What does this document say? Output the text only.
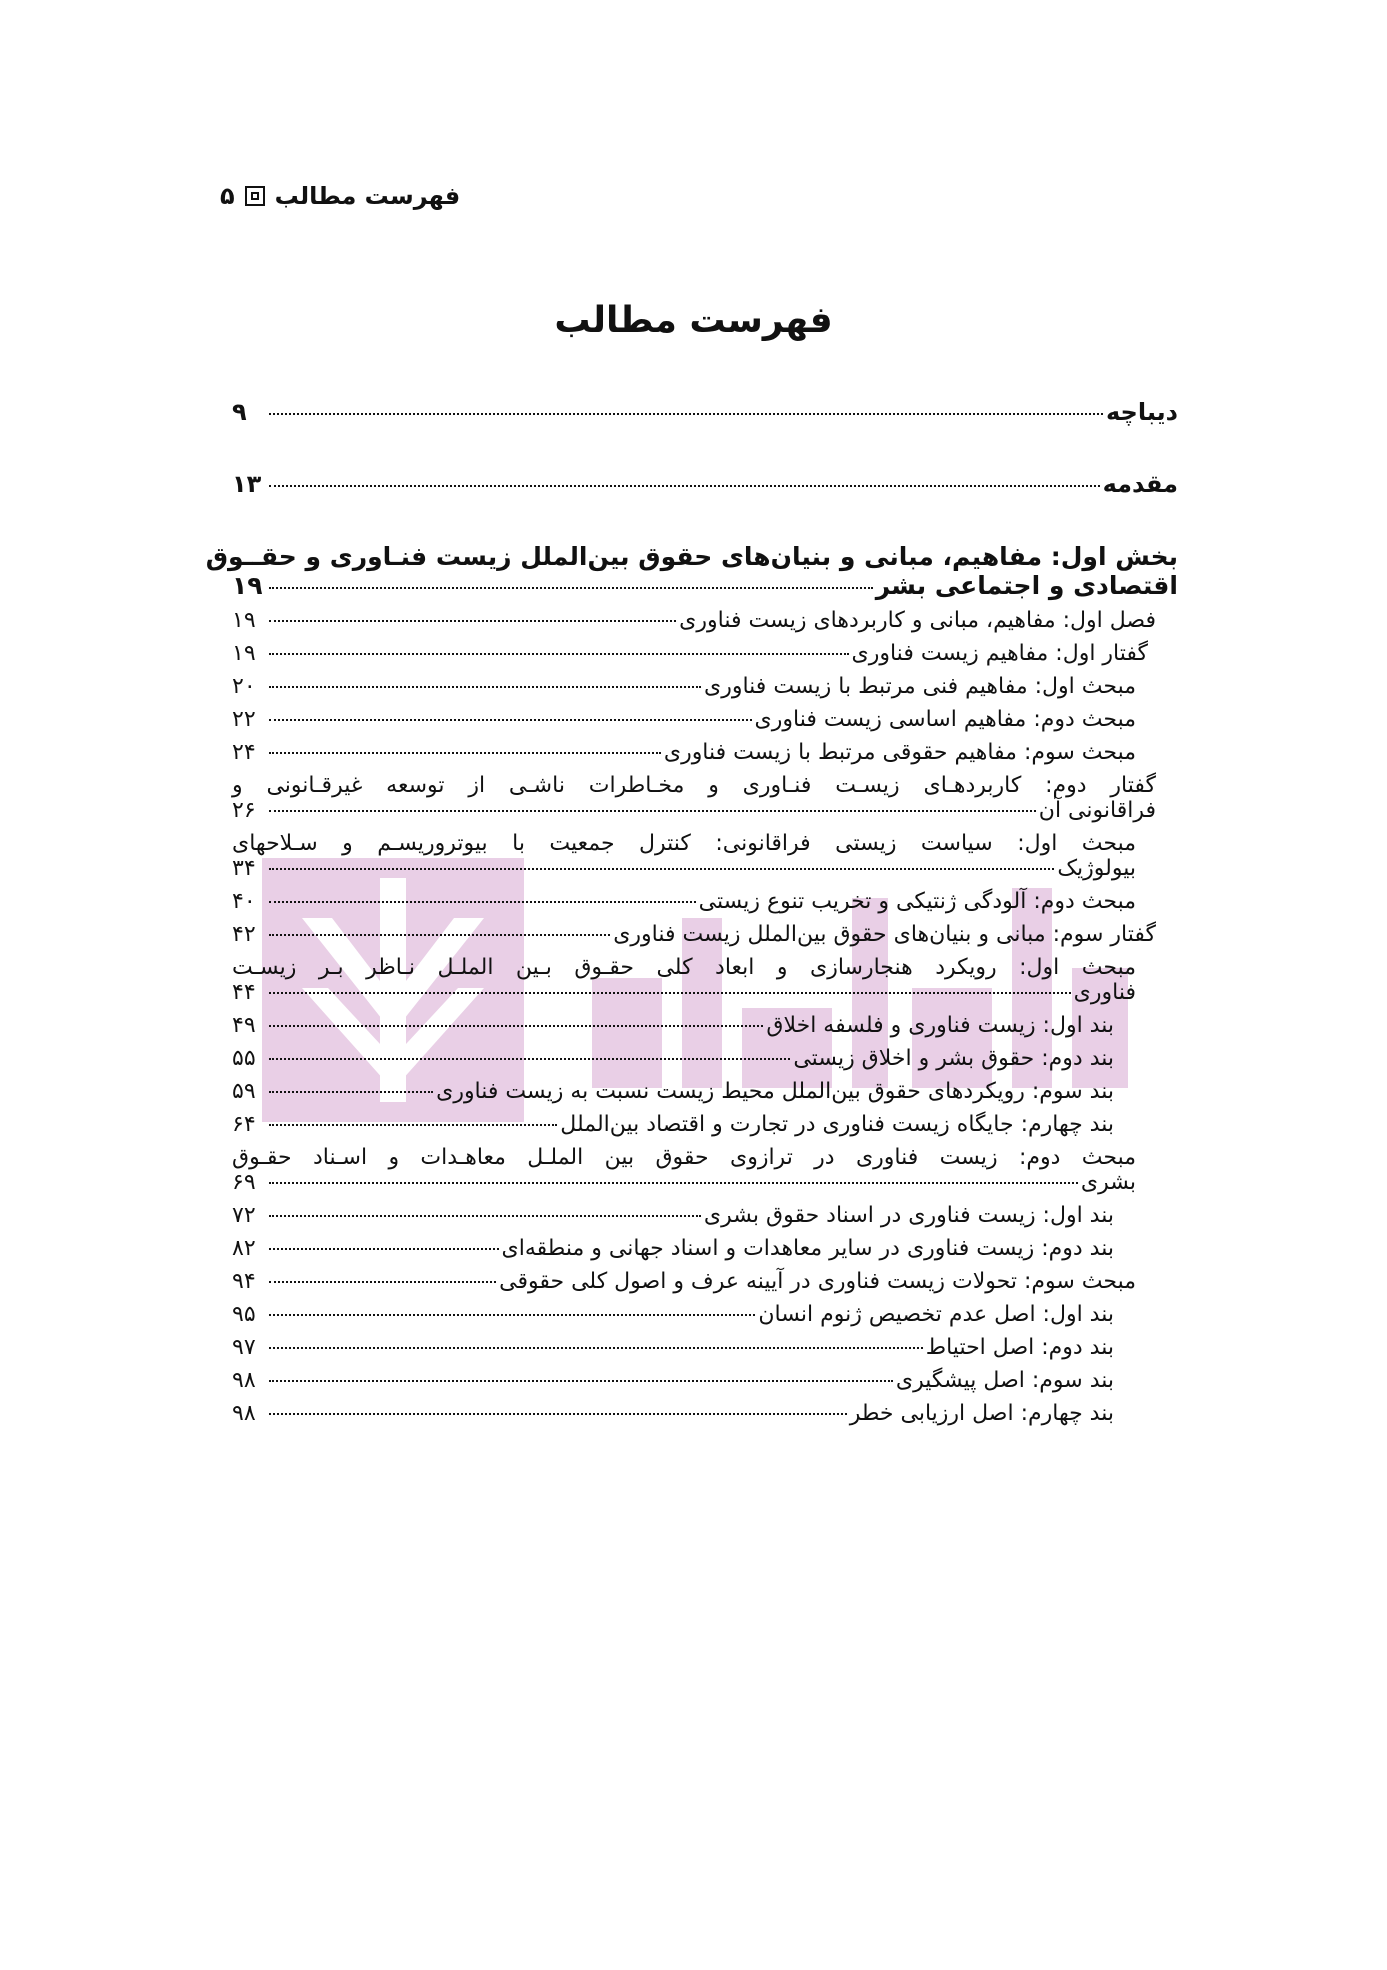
فهرست مطالب
۵
فهرست مطالب
دیباچه
۹
مقدمه
۱۳
بخش اول: مفاهیم، مبانی و بنیان‌های حقوق بین‌الملل زیست فنـاوری و حقــوق
اقتصادی و اجتماعی بشر
۱۹
فصل اول: مفاهیم، مبانی و کاربردهای زیست فناوری
۱۹
گفتار اول: مفاهیم زیست فناوری
۱۹
مبحث اول: مفاهیم فنی مرتبط با زیست فناوری
۲۰
مبحث دوم: مفاهیم اساسی زیست فناوری
۲۲
مبحث سوم: مفاهیم حقوقی مرتبط با زیست فناوری
۲۴
گفتار دوم: کاربردهـای زیسـت فنـاوری و مخـاطرات ناشـی از توسعه غیرقـانونی و
فراقانونی آن
۲۶
مبحث اول: سیاست زیستی فراقانونی: کنترل جمعیت با بیوتروریسـم و سـلاحهای
بیولوژیک
۳۴
مبحث دوم: آلودگی ژنتیکی و تخریب تنوع زیستی
۴۰
گفتار سوم: مبانی و بنیان‌های حقوق بین‌الملل زیست فناوری
۴۲
مبحث اول: رویکرد هنجارسازی و ابعاد کلی حقـوق بـین الملـل نـاظر بـر زیسـت
فناوری
۴۴
بند اول: زیست فناوری و فلسفه اخلاق
۴۹
بند دوم: حقوق بشر و اخلاق زیستی
۵۵
بند سوم: رویکردهای حقوق بین‌الملل محیط زیست نسبت به زیست فناوری
۵۹
بند چهارم: جایگاه زیست فناوری در تجارت و اقتصاد بین‌الملل
۶۴
مبحث دوم: زیست فناوری در ترازوی حقوق بین الملـل معاهـدات و اسـناد حقـوق
بشری
۶۹
بند اول: زیست فناوری در اسناد حقوق بشری
۷۲
بند دوم: زیست فناوری در سایر معاهدات و اسناد جهانی و منطقه‌ای
۸۲
مبحث سوم: تحولات زیست فناوری در آیینه عرف و اصول کلی حقوقی
۹۴
بند اول: اصل عدم تخصیص ژنوم انسان
۹۵
بند دوم: اصل احتیاط
۹۷
بند سوم: اصل پیشگیری
۹۸
بند چهارم: اصل ارزیابی خطر
۹۸
